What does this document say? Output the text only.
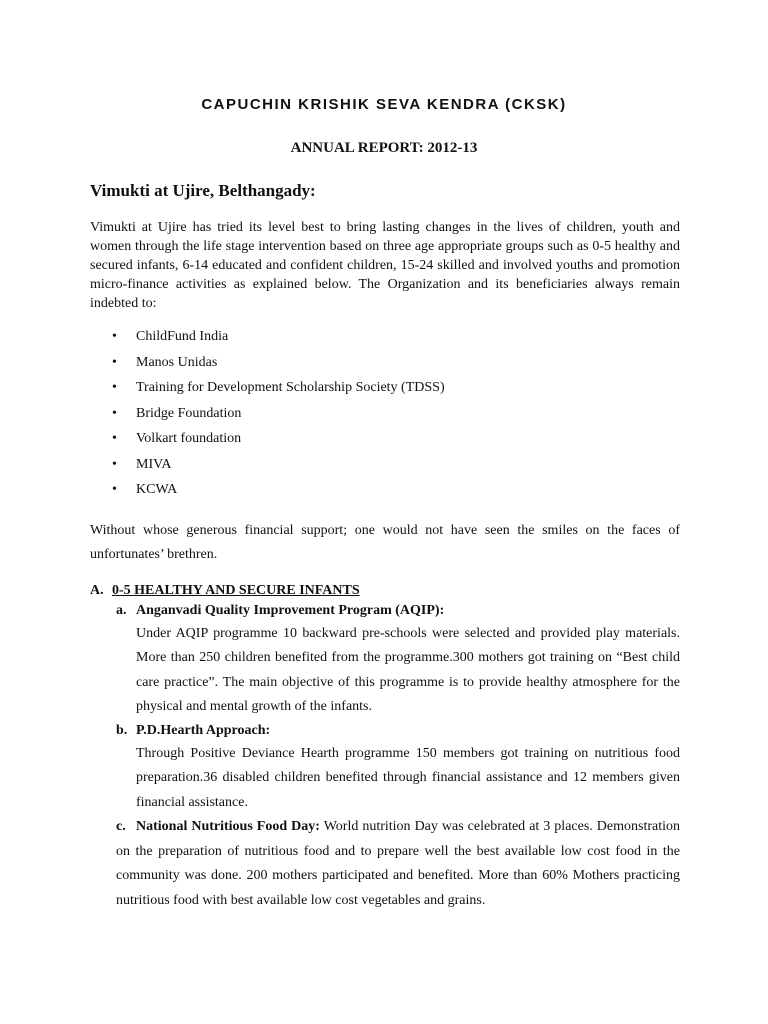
CAPUCHIN KRISHIK SEVA KENDRA (CKSK)
ANNUAL REPORT: 2012-13
Vimukti at Ujire, Belthangady:

Vimukti at Ujire has tried its level best to bring lasting changes in the lives of children, youth and women through the life stage intervention based on three age appropriate groups such as 0-5 healthy and secured infants, 6-14 educated and confident children, 15-24 skilled and involved youths and promotion micro-finance activities as explained below. The Organization and its beneficiaries always remain indebted to:

• ChildFund India
• Manos Unidas
• Training for Development Scholarship Society (TDSS)
• Bridge Foundation
• Volkart foundation
• MIVA
• KCWA

Without whose generous financial support; one would not have seen the smiles on the faces of unfortunates’ brethren.

A. 0-5 HEALTHY AND SECURE INFANTS
a. Anganvadi Quality Improvement Program (AQIP):

Under AQIP programme 10 backward pre-schools were selected and provided play materials. More than 250 children benefited from the programme.300 mothers got training on “Best child care practice”. The main objective of this programme is to provide healthy atmosphere for the physical and mental growth of the infants.

b. P.D.Hearth Approach:

Through Positive Deviance Hearth programme 150 members got training on nutritious food preparation.36 disabled children benefited through financial assistance and 12 members given financial assistance.

c. National Nutritious Food Day: World nutrition Day was celebrated at 3 places. Demonstration on the preparation of nutritious food and to prepare well the best available low cost food in the community was done. 200 mothers participated and benefited. More than 60% Mothers practicing nutritious food with best available low cost vegetables and grains.
